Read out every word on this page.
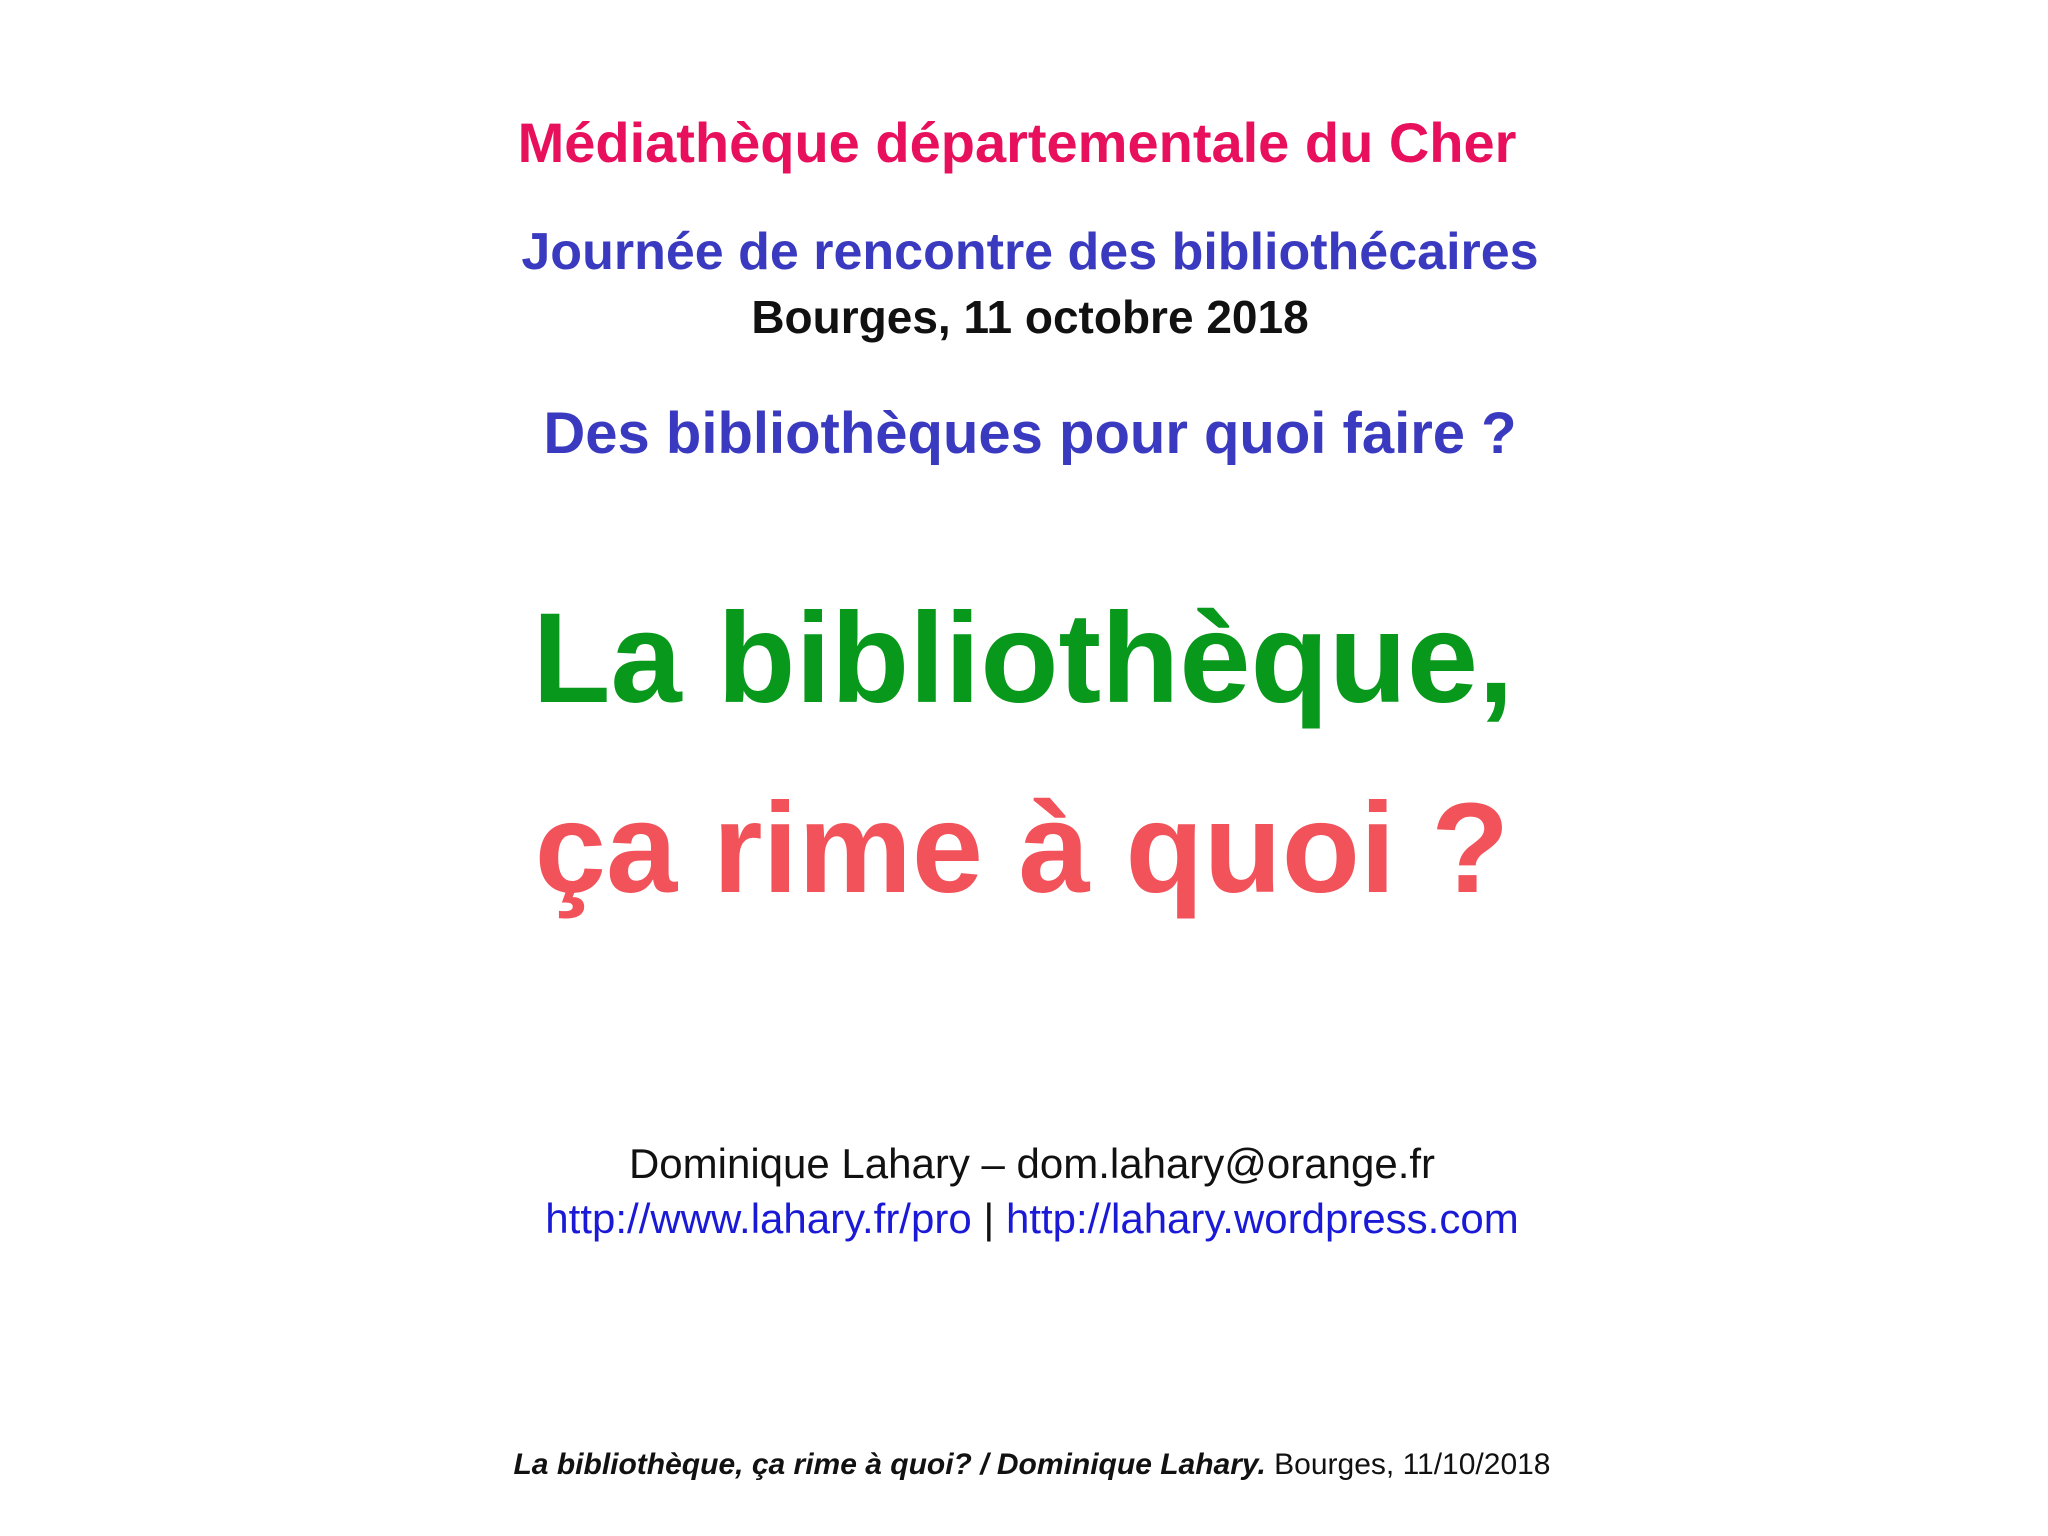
Médiathèque départementale du Cher

Journée de rencontre des bibliothécaires

Bourges, 11 octobre 2018

Des bibliothèques pour quoi faire ?

La bibliothèque,

ça rime à quoi ?

Dominique Lahary – dom.lahary@orange.fr

http://www.lahary.fr/pro | http://lahary.wordpress.com

La bibliothèque, ça rime à quoi? / Dominique Lahary. Bourges, 11/10/2018
